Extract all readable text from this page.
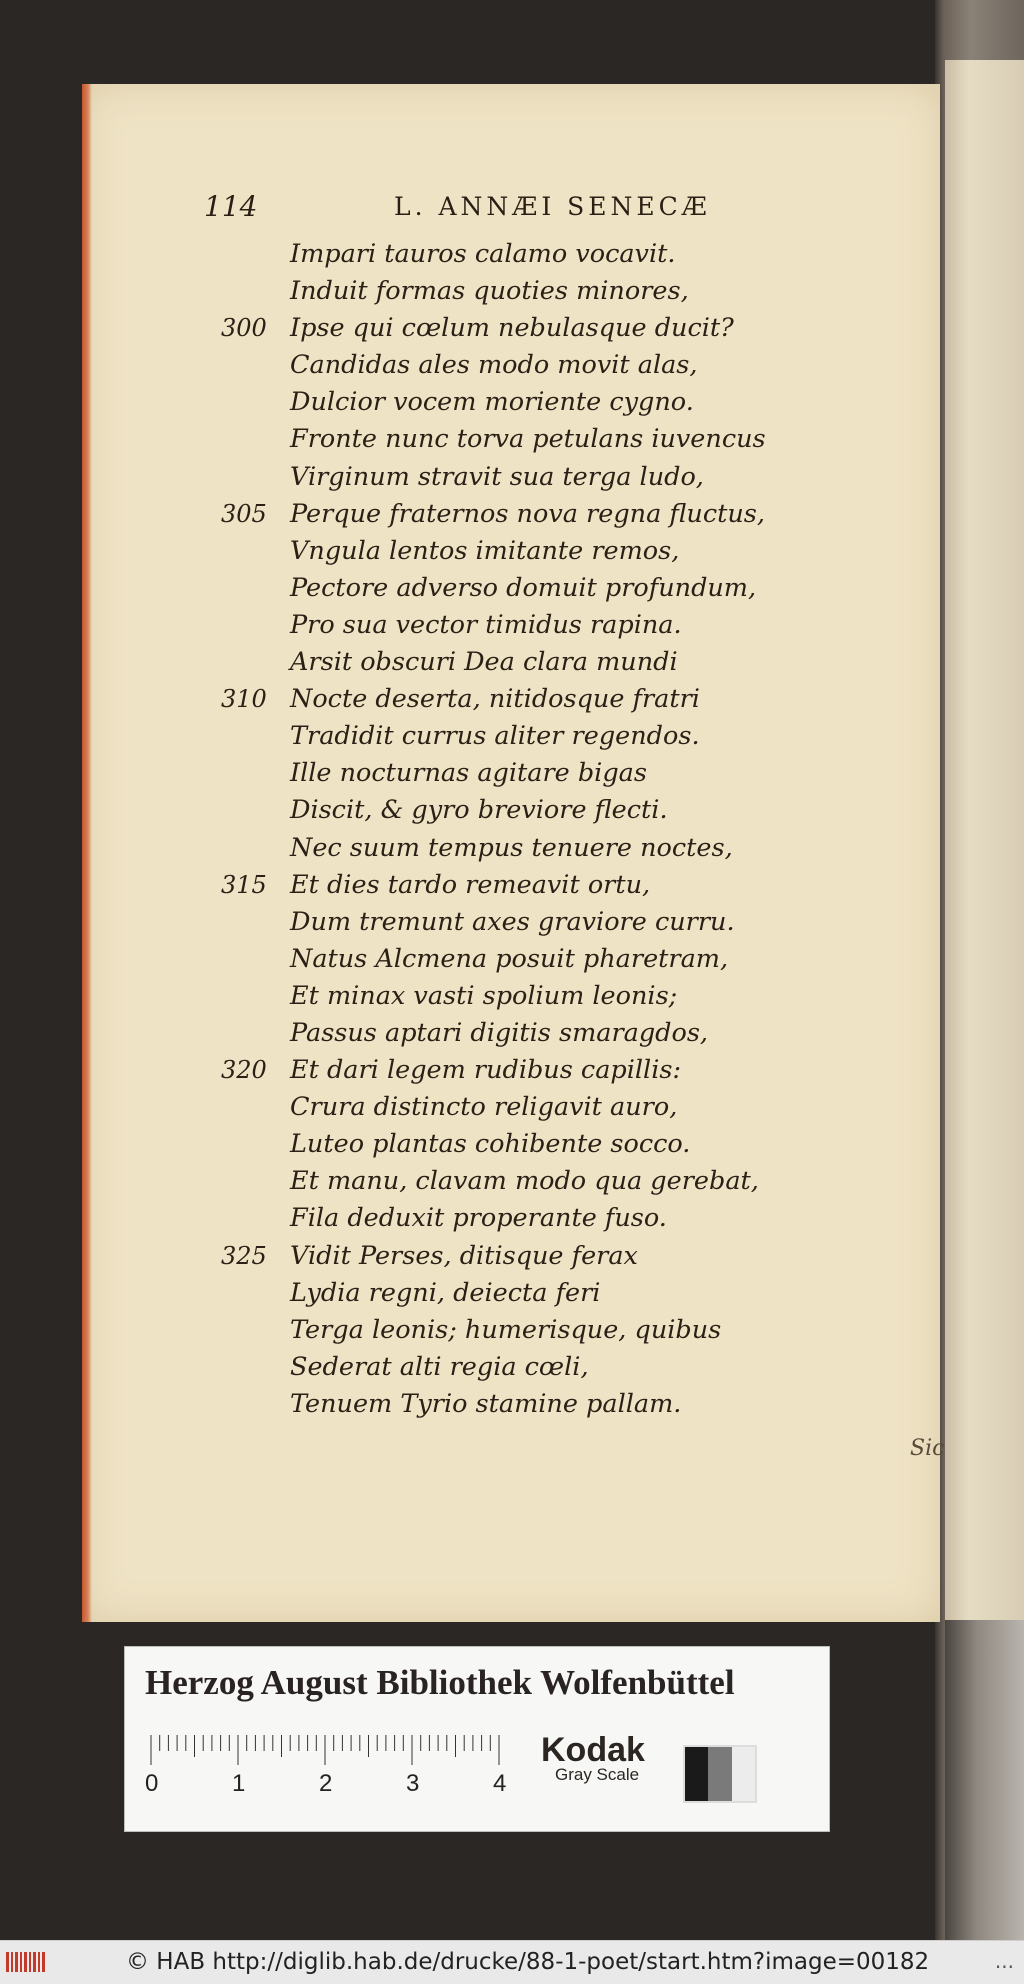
114	L. ANNÆI SENECÆ
Impari tauros calamo vocavit.
Induit formas quoties minores,
300 Ipse qui cœlum nebulasque ducit?
Candidas ales modo movit alas,
Dulcior vocem moriente cygno.
Fronte nunc torva petulans iuvencus
Virginum stravit sua terga ludo,
305 Perque fraternos nova regna fluctus,
Vngula lentos imitante remos,
Pectore adverso domuit profundum,
Pro sua vector timidus rapina.
Arsit obscuri Dea clara mundi
310 Nocte deserta, nitidosque fratri
Tradidit currus aliter regendos.
Ille nocturnas agitare bigas
Discit, & gyro breviore flecti.
Nec suum tempus tenuere noctes,
315 Et dies tardo remeavit ortu,
Dum tremunt axes graviore curru.
Natus Alcmena posuit pharetram,
Et minax vasti spolium leonis;
Passus aptari digitis smaragdos,
320 Et dari legem rudibus capillis:
Crura distincto religavit auro,
Luteo plantas cohibente socco.
Et manu, clavam modo qua gerebat,
Fila deduxit properante fuso.
325 Vidit Perses, ditisque ferax
Lydia regni, deiecta feri
Terga leonis; humerisque, quibus
Sederat alti regia cœli,
Tenuem Tyrio stamine pallam.
Sic
Herzog August Bibliothek Wolfenbüttel
0	1	2	3	4
Kodak
Gray Scale
© HAB http://diglib.hab.de/drucke/88-1-poet/start.htm?image=00182	...
